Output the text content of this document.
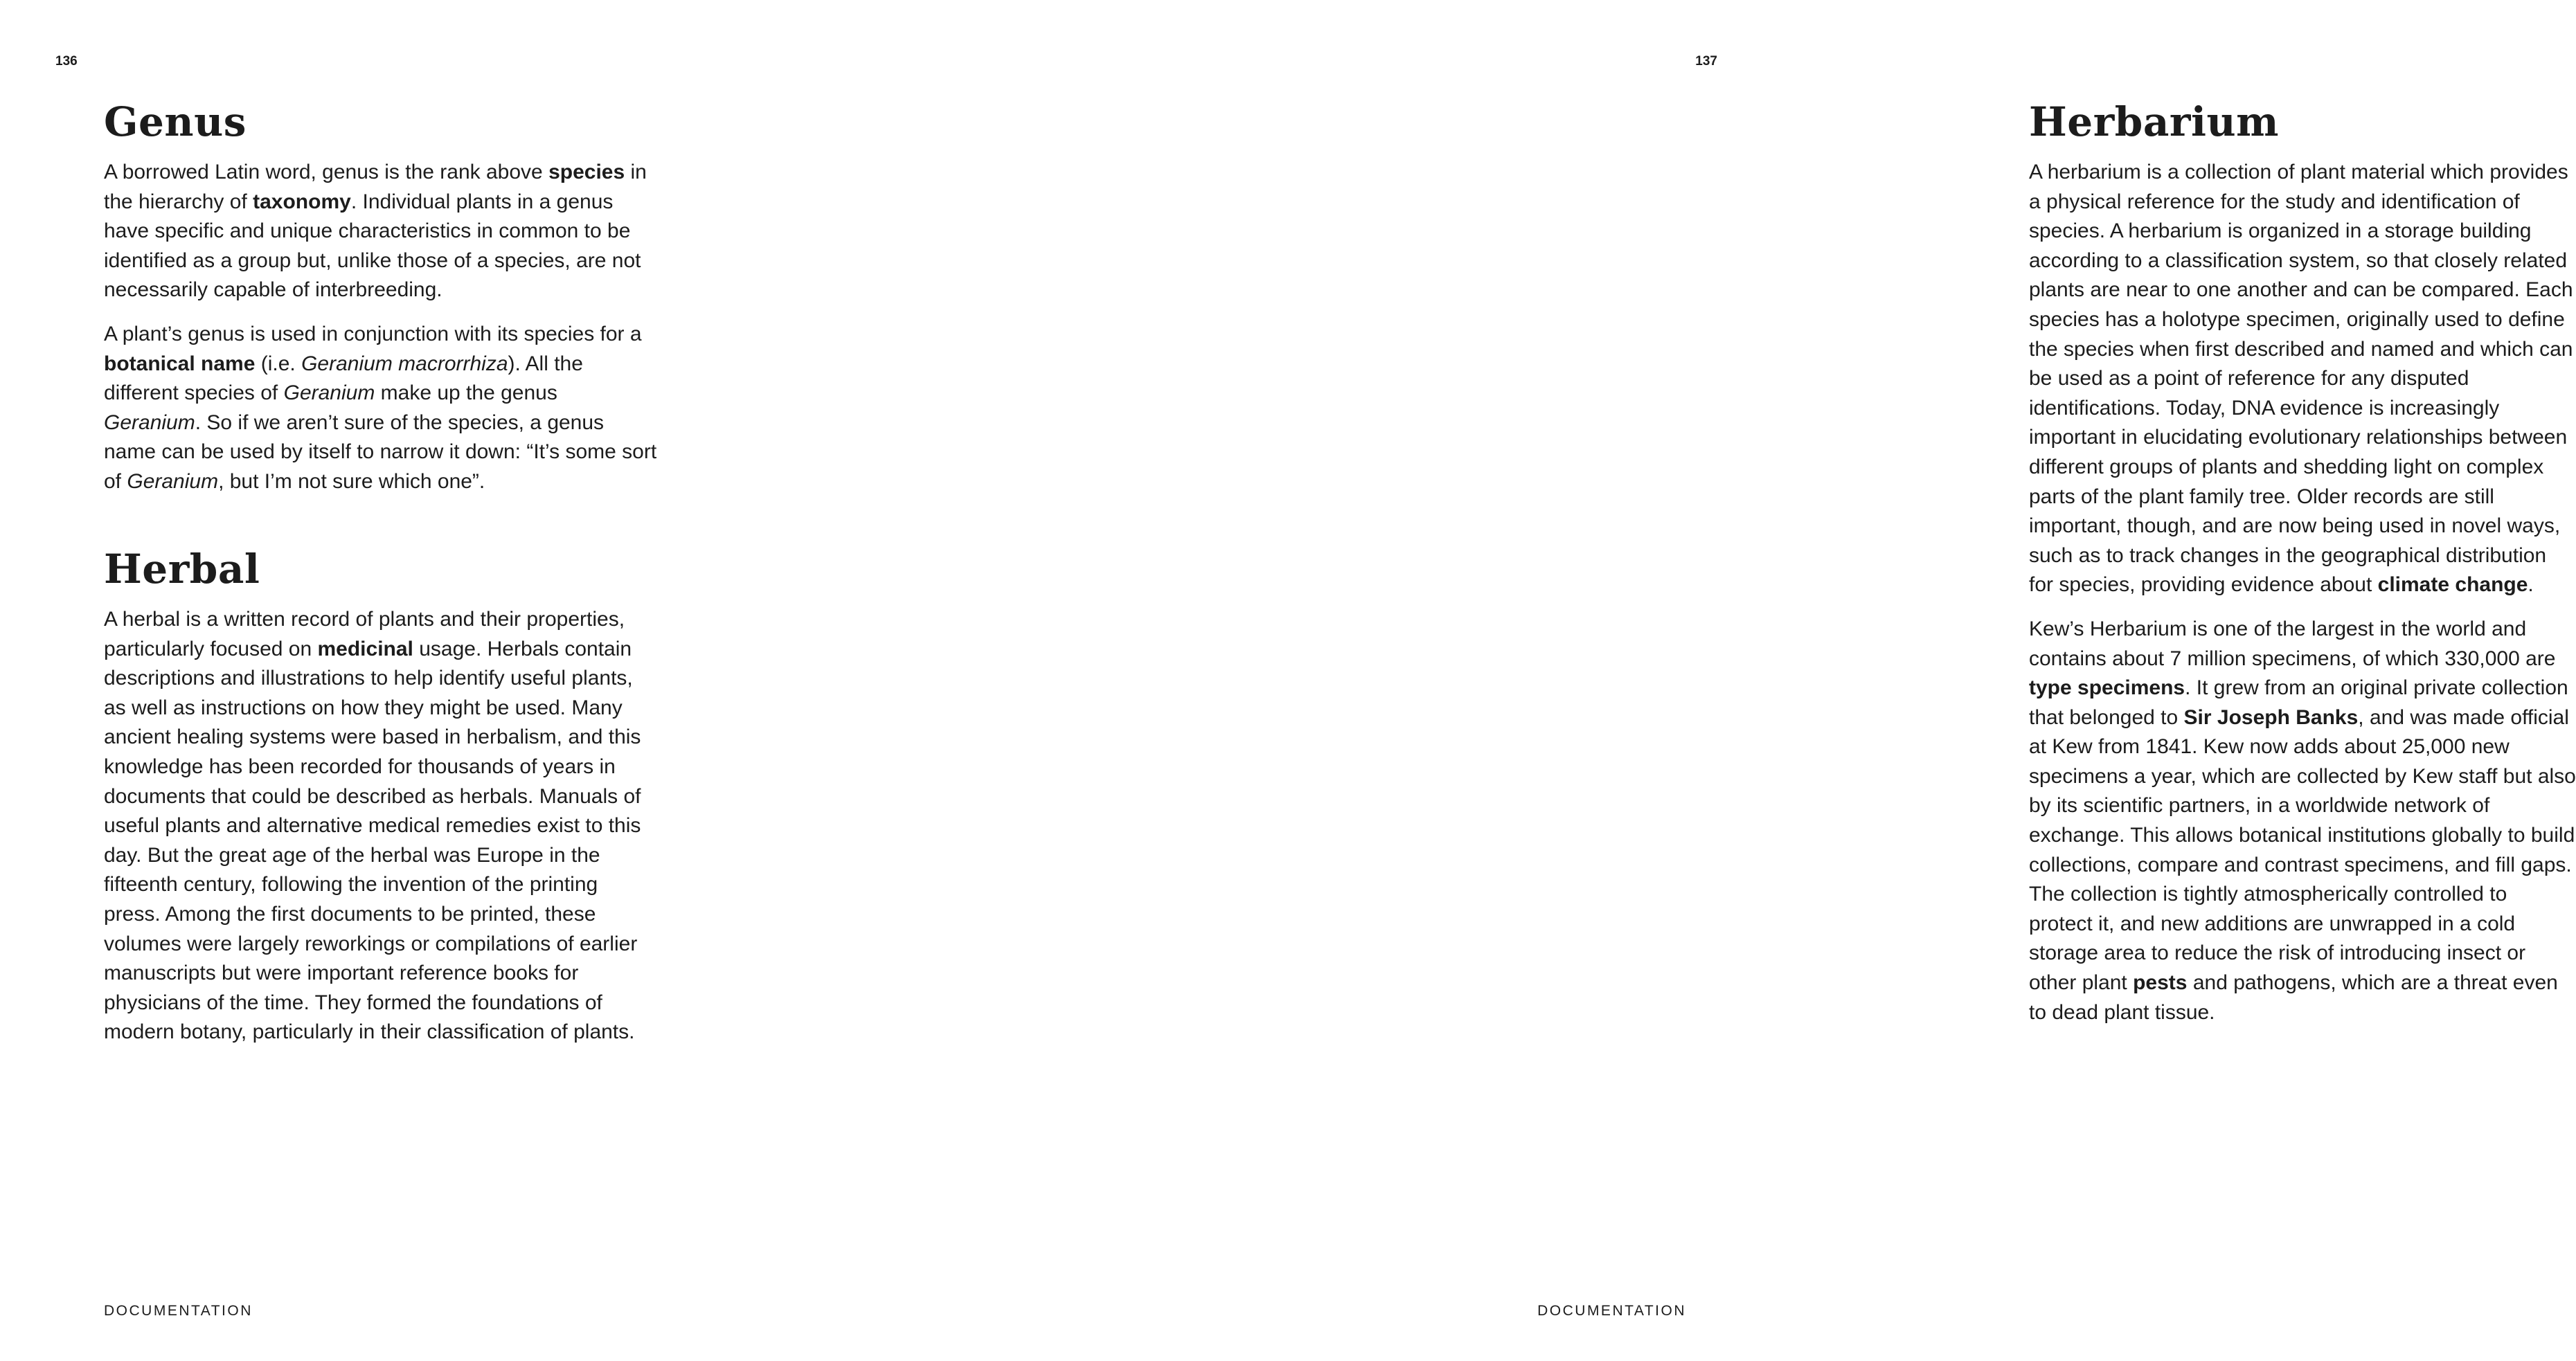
136

Genus

A borrowed Latin word, genus is the rank above species in the hierarchy of taxonomy. Individual plants in a genus have specific and unique characteristics in common to be identified as a group but, unlike those of a species, are not necessarily capable of interbreeding.

A plant’s genus is used in conjunction with its species for a botanical name (i.e. Geranium macrorrhiza). All the different species of Geranium make up the genus Geranium. So if we aren’t sure of the species, a genus name can be used by itself to narrow it down: “It’s some sort of Geranium, but I’m not sure which one”.

Herbal

A herbal is a written record of plants and their properties, particularly focused on medicinal usage. Herbals contain descriptions and illustrations to help identify useful plants, as well as instructions on how they might be used. Many ancient healing systems were based in herbalism, and this knowledge has been recorded for thousands of years in documents that could be described as herbals. Manuals of useful plants and alternative medical remedies exist to this day. But the great age of the herbal was Europe in the fifteenth century, following the invention of the printing press. Among the first documents to be printed, these volumes were largely reworkings or compilations of earlier manuscripts but were important reference books for physicians of the time. They formed the foundations of modern botany, particularly in their classification of plants.

DOCUMENTATION

137

Herbarium

A herbarium is a collection of plant material which provides a physical reference for the study and identification of species. A herbarium is organized in a storage building according to a classification system, so that closely related plants are near to one another and can be compared. Each species has a holotype specimen, originally used to define the species when first described and named and which can be used as a point of reference for any disputed identifications. Today, DNA evidence is increasingly important in elucidating evolutionary relationships between different groups of plants and shedding light on complex parts of the plant family tree. Older records are still important, though, and are now being used in novel ways, such as to track changes in the geographical distribution for species, providing evidence about climate change.

Kew’s Herbarium is one of the largest in the world and contains about 7 million specimens, of which 330,000 are type specimens. It grew from an original private collection that belonged to Sir Joseph Banks, and was made official at Kew from 1841. Kew now adds about 25,000 new specimens a year, which are collected by Kew staff but also by its scientific partners, in a worldwide network of exchange. This allows botanical institutions globally to build collections, compare and contrast specimens, and fill gaps. The collection is tightly atmospherically controlled to protect it, and new additions are unwrapped in a cold storage area to reduce the risk of introducing insect or other plant pests and pathogens, which are a threat even to dead plant tissue.

DOCUMENTATION
